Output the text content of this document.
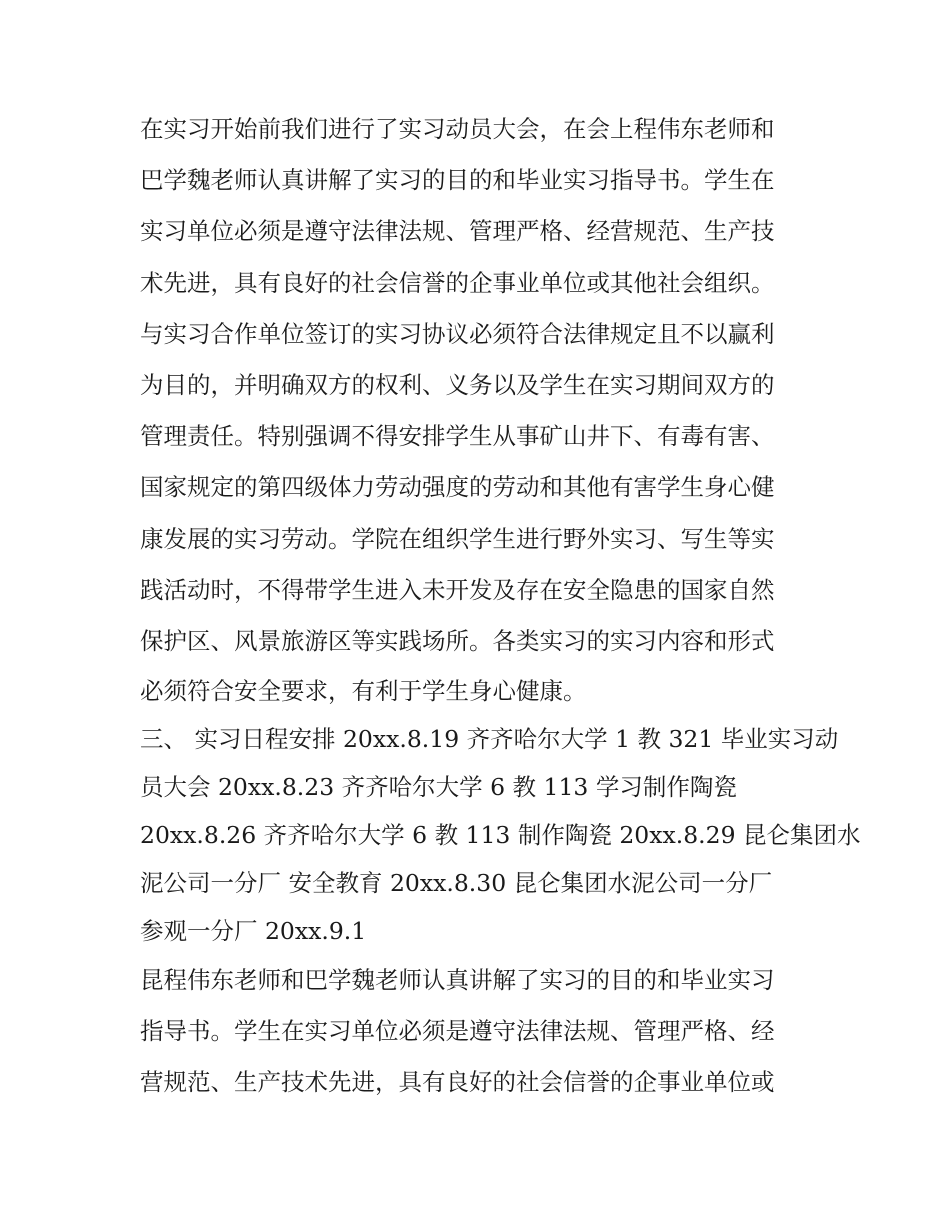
在实习开始前我们进行了实习动员大会，在会上程伟东老师和
巴学魏老师认真讲解了实习的目的和毕业实习指导书。学生在
实习单位必须是遵守法律法规、管理严格、经营规范、生产技
术先进，具有良好的社会信誉的企事业单位或其他社会组织。
与实习合作单位签订的实习协议必须符合法律规定且不以赢利
为目的，并明确双方的权利、义务以及学生在实习期间双方的
管理责任。特别强调不得安排学生从事矿山井下、有毒有害、
国家规定的第四级体力劳动强度的劳动和其他有害学生身心健
康发展的实习劳动。学院在组织学生进行野外实习、写生等实
践活动时，不得带学生进入未开发及存在安全隐患的国家自然
保护区、风景旅游区等实践场所。各类实习的实习内容和形式
必须符合安全要求，有利于学生身心健康。
三、 实习日程安排 20xx.8.19 齐齐哈尔大学 1 教 321 毕业实习动
员大会 20xx.8.23 齐齐哈尔大学 6 教 113 学习制作陶瓷
20xx.8.26 齐齐哈尔大学 6 教 113 制作陶瓷 20xx.8.29 昆仑集团水
泥公司一分厂 安全教育 20xx.8.30 昆仑集团水泥公司一分厂
参观一分厂 20xx.9.1
昆程伟东老师和巴学魏老师认真讲解了实习的目的和毕业实习
指导书。学生在实习单位必须是遵守法律法规、管理严格、经
营规范、生产技术先进，具有良好的社会信誉的企事业单位或
